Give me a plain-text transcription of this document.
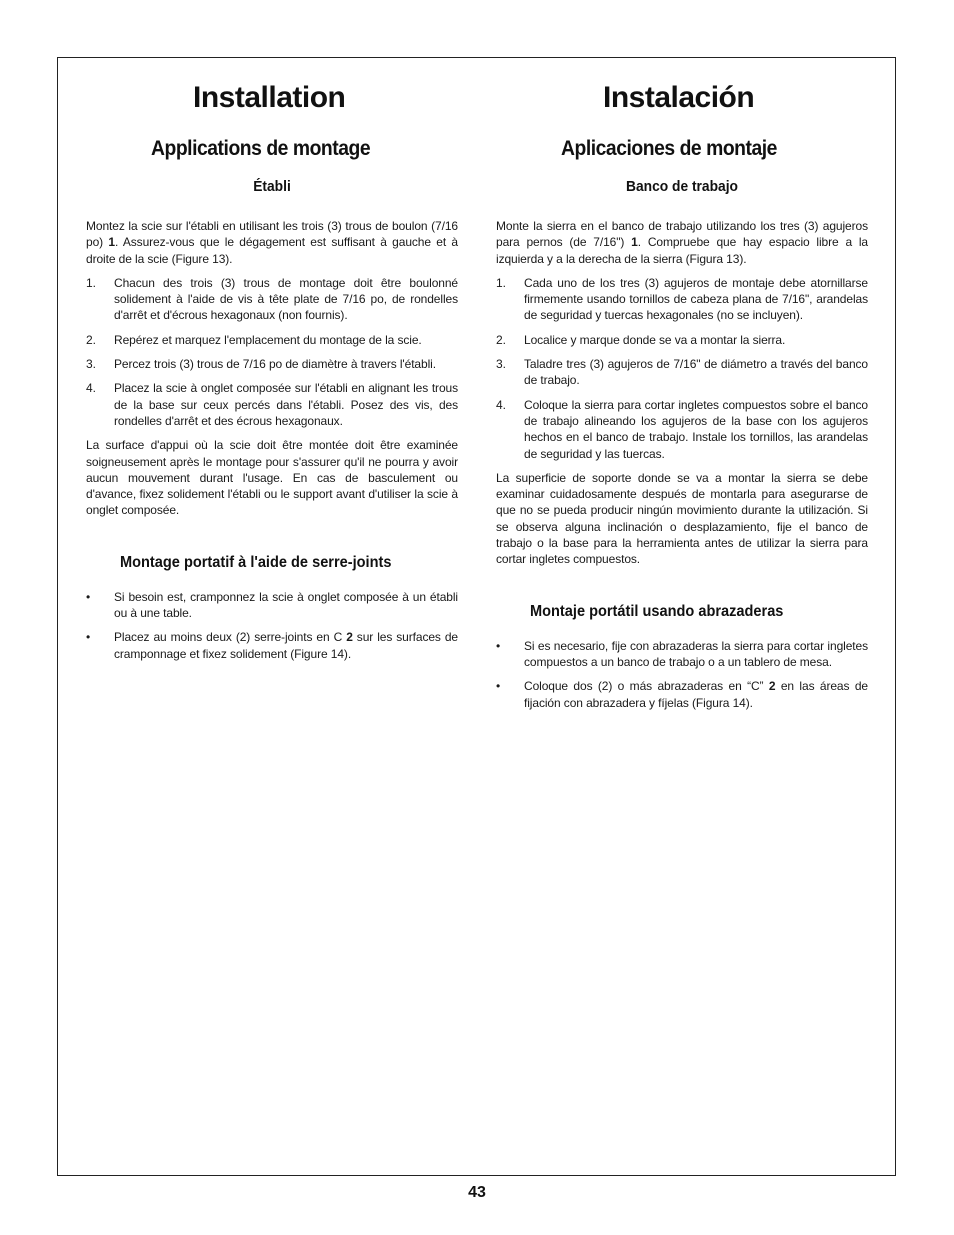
Installation
Applications de montage
Établi

Montez la scie sur l'établi en utilisant les trois (3) trous de boulon (7/16 po) 1. Assurez-vous que le dégagement est suffisant à gauche et à droite de la scie (Figure 13).

1. Chacun des trois (3) trous de montage doit être boulonné solidement à l'aide de vis à tête plate de 7/16 po, de rondelles d'arrêt et d'écrous hexagonaux (non fournis).
2. Repérez et marquez l'emplacement du montage de la scie.
3. Percez trois (3) trous de 7/16 po de diamètre à travers l'établi.
4. Placez la scie à onglet composée sur l'établi en alignant les trous de la base sur ceux percés dans l'établi. Posez des vis, des rondelles d'arrêt et des écrous hexagonaux.

La surface d'appui où la scie doit être montée doit être examinée soigneusement après le montage pour s'assurer qu'il ne pourra y avoir aucun mouvement durant l'usage. En cas de basculement ou d'avance, fixez solidement l'établi ou le support avant d'utiliser la scie à onglet composée.

Montage portatif à l'aide de serre-joints
• Si besoin est, cramponnez la scie à onglet composée à un établi ou à une table.
• Placez au moins deux (2) serre-joints en C 2 sur les surfaces de cramponnage et fixez solidement (Figure 14).
Instalación
Aplicaciones de montaje
Banco de trabajo

Monte la sierra en el banco de trabajo utilizando los tres (3) agujeros para pernos (de 7/16") 1. Compruebe que hay espacio libre a la izquierda y a la derecha de la sierra (Figura 13).

1. Cada uno de los tres (3) agujeros de montaje debe atornillarse firmemente usando tornillos de cabeza plana de 7/16", arandelas de seguridad y tuercas hexagonales (no se incluyen).
2. Localice y marque donde se va a montar la sierra.
3. Taladre tres (3) agujeros de 7/16" de diámetro a través del banco de trabajo.
4. Coloque la sierra para cortar ingletes compuestos sobre el banco de trabajo alineando los agujeros de la base con los agujeros hechos en el banco de trabajo. Instale los tornillos, las arandelas de seguridad y las tuercas.

La superficie de soporte donde se va a montar la sierra se debe examinar cuidadosamente después de montarla para asegurarse de que no se pueda producir ningún movimiento durante la utilización. Si se observa alguna inclinación o desplazamiento, fije el banco de trabajo o la base para la herramienta antes de utilizar la sierra para cortar ingletes compuestos.

Montaje portátil usando abrazaderas
• Si es necesario, fije con abrazaderas la sierra para cortar ingletes compuestos a un banco de trabajo o a un tablero de mesa.
• Coloque dos (2) o más abrazaderas en “C” 2 en las áreas de fijación con abrazadera y fíjelas (Figura 14).
43
